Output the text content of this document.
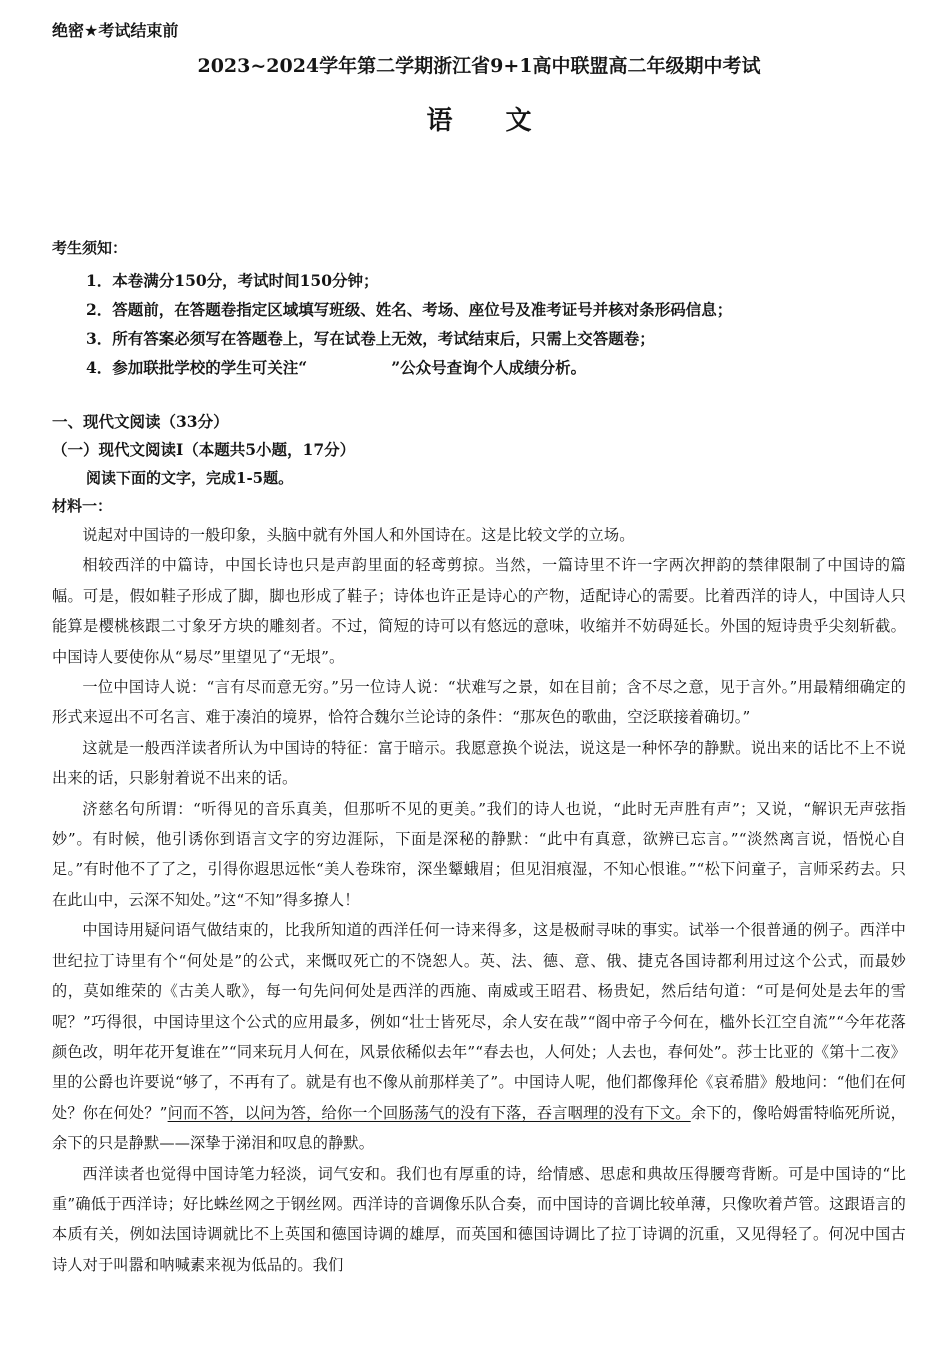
绝密★考试结束前
2023~2024学年第二学期浙江省9+1高中联盟高二年级期中考试
语 文
考生须知：
1．本卷满分150分，考试时间150分钟；
2．答题前，在答题卷指定区域填写班级、姓名、考场、座位号及准考证号并核对条形码信息；
3．所有答案必须写在答题卷上，写在试卷上无效，考试结束后，只需上交答题卷；
4．参加联批学校的学生可关注“	”公众号查询个人成绩分析。
一、现代文阅读（33分）
（一）现代文阅读Ⅰ（本题共5小题，17分）
阅读下面的文字，完成1-5题。
材料一：

说起对中国诗的一般印象，头脑中就有外国人和外国诗在。这是比较文学的立场。

相较西洋的中篇诗，中国长诗也只是声韵里面的轻鸢剪掠。当然，一篇诗里不许一字两次押韵的禁律限制了中国诗的篇幅。可是，假如鞋子形成了脚，脚也形成了鞋子；诗体也许正是诗心的产物，适配诗心的需要。比着西洋的诗人，中国诗人只能算是樱桃核跟二寸象牙方块的雕刻者。不过，简短的诗可以有悠远的意味，收缩并不妨碍延长。外国的短诗贵乎尖刻斩截。中国诗人要使你从“易尽”里望见了“无垠”。

一位中国诗人说：“言有尽而意无穷。”另一位诗人说：“状难写之景，如在目前；含不尽之意，见于言外。”用最精细确定的形式来逗出不可名言、难于凑泊的境界，恰符合魏尔兰论诗的条件：“那灰色的歌曲，空泛联接着确切。”

这就是一般西洋读者所认为中国诗的特征：富于暗示。我愿意换个说法，说这是一种怀孕的静默。说出来的话比不上不说出来的话，只影射着说不出来的话。

济慈名句所谓：“听得见的音乐真美，但那听不见的更美。”我们的诗人也说，“此时无声胜有声”；又说，“解识无声弦指妙”。有时候，他引诱你到语言文字的穷边涯际，下面是深秘的静默：“此中有真意，欲辨已忘言。”“淡然离言说，悟悦心自足。”有时他不了了之，引得你遐思远怅“美人卷珠帘，深坐颦蛾眉；但见泪痕湿，不知心恨谁。”“松下问童子，言师采药去。只在此山中，云深不知处。”这“不知”得多撩人！

中国诗用疑问语气做结束的，比我所知道的西洋任何一诗来得多，这是极耐寻味的事实。试举一个很普通的例子。西洋中世纪拉丁诗里有个“何处是”的公式，来慨叹死亡的不饶恕人。英、法、德、意、俄、捷克各国诗都利用过这个公式，而最妙的，莫如维荣的《古美人歌》，每一句先问何处是西洋的西施、南威或王昭君、杨贵妃，然后结句道：“可是何处是去年的雪呢？”巧得很，中国诗里这个公式的应用最多，例如“壮士皆死尽，余人安在哉”“阁中帝子今何在，槛外长江空自流”“今年花落颜色改，明年花开复谁在”“同来玩月人何在，风景依稀似去年”“春去也，人何处；人去也，春何处”。莎士比亚的《第十二夜》里的公爵也许要说“够了，不再有了。就是有也不像从前那样美了”。中国诗人呢，他们都像拜伦《哀希腊》般地问：“他们在何处？你在何处？”问而不答，以问为答，给你一个回肠荡气的没有下落，吞言咽理的没有下文。余下的，像哈姆雷特临死所说，余下的只是静默——深挚于涕泪和叹息的静默。

西洋读者也觉得中国诗笔力轻淡，词气安和。我们也有厚重的诗，给情感、思虑和典故压得腰弯背断。可是中国诗的“比重”确低于西洋诗；好比蛛丝网之于钢丝网。西洋诗的音调像乐队合奏，而中国诗的音调比较单薄，只像吹着芦管。这跟语言的本质有关，例如法国诗调就比不上英国和德国诗调的雄厚，而英国和德国诗调比了拉丁诗调的沉重，又见得轻了。何况中国古诗人对于叫嚣和呐喊素来视为低品的。我们
